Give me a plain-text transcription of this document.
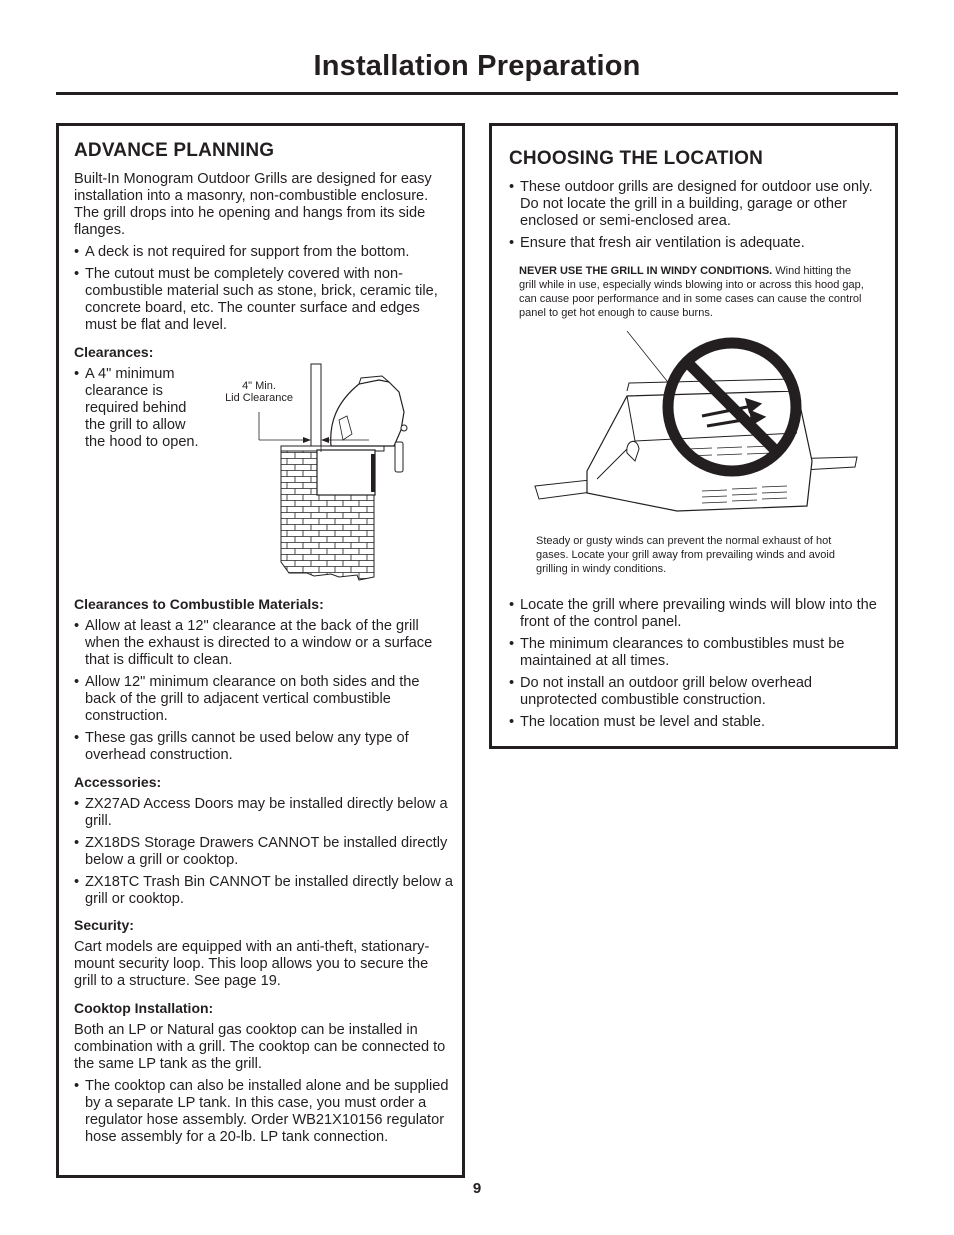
Installation Preparation
ADVANCE PLANNING

Built-In Monogram Outdoor Grills are designed for easy installation into a masonry, non-combustible enclosure. The grill drops into he opening and hangs from its side flanges.

• A deck is not required for support from the bottom.
• The cutout must be completely covered with non-combustible material such as stone, brick, ceramic tile, concrete board, etc. The counter surface and edges must be flat and level.
Clearances:
• A 4" minimum clearance is required behind the grill to allow the hood to open.
4" Min.
Lid Clearance
Clearances to Combustible Materials:
• Allow at least a 12" clearance at the back of the grill when the exhaust is directed to a window or a surface that is difficult to clean.
• Allow 12" minimum clearance on both sides and the back of the grill to adjacent vertical combustible construction.
• These gas grills cannot be used below any type of overhead construction.
Accessories:
• ZX27AD Access Doors may be installed directly below a grill.
• ZX18DS Storage Drawers CANNOT be installed directly below a grill or cooktop.
• ZX18TC Trash Bin CANNOT be installed directly below a grill or cooktop.
Security:

Cart models are equipped with an anti-theft, stationary-mount security loop. This loop allows you to secure the grill to a structure. See page 19.

Cooktop Installation:

Both an LP or Natural gas cooktop can be installed in combination with a grill. The cooktop can be connected to the same LP tank as the grill.

• The cooktop can also be installed alone and be supplied by a separate LP tank. In this case, you must order a regulator hose assembly. Order WB21X10156 regulator hose assembly for a 20-lb. LP tank connection.
CHOOSING THE LOCATION
• These outdoor grills are designed for outdoor use only. Do not locate the grill in a building, garage or other enclosed or semi-enclosed area.
• Ensure that fresh air ventilation is adequate.
NEVER USE THE GRILL IN WINDY CONDITIONS. Wind hitting the grill while in use, especially winds blowing into or across this hood gap, can cause poor performance and in some cases can cause the control panel to get hot enough to cause burns.
Steady or gusty winds can prevent the normal exhaust of hot gases. Locate your grill away from prevailing winds and avoid grilling in windy conditions.
• Locate the grill where prevailing winds will blow into the front of the control panel.
• The minimum clearances to combustibles must be maintained at all times.
• Do not install an outdoor grill below overhead unprotected combustible construction.
• The location must be level and stable.
9
